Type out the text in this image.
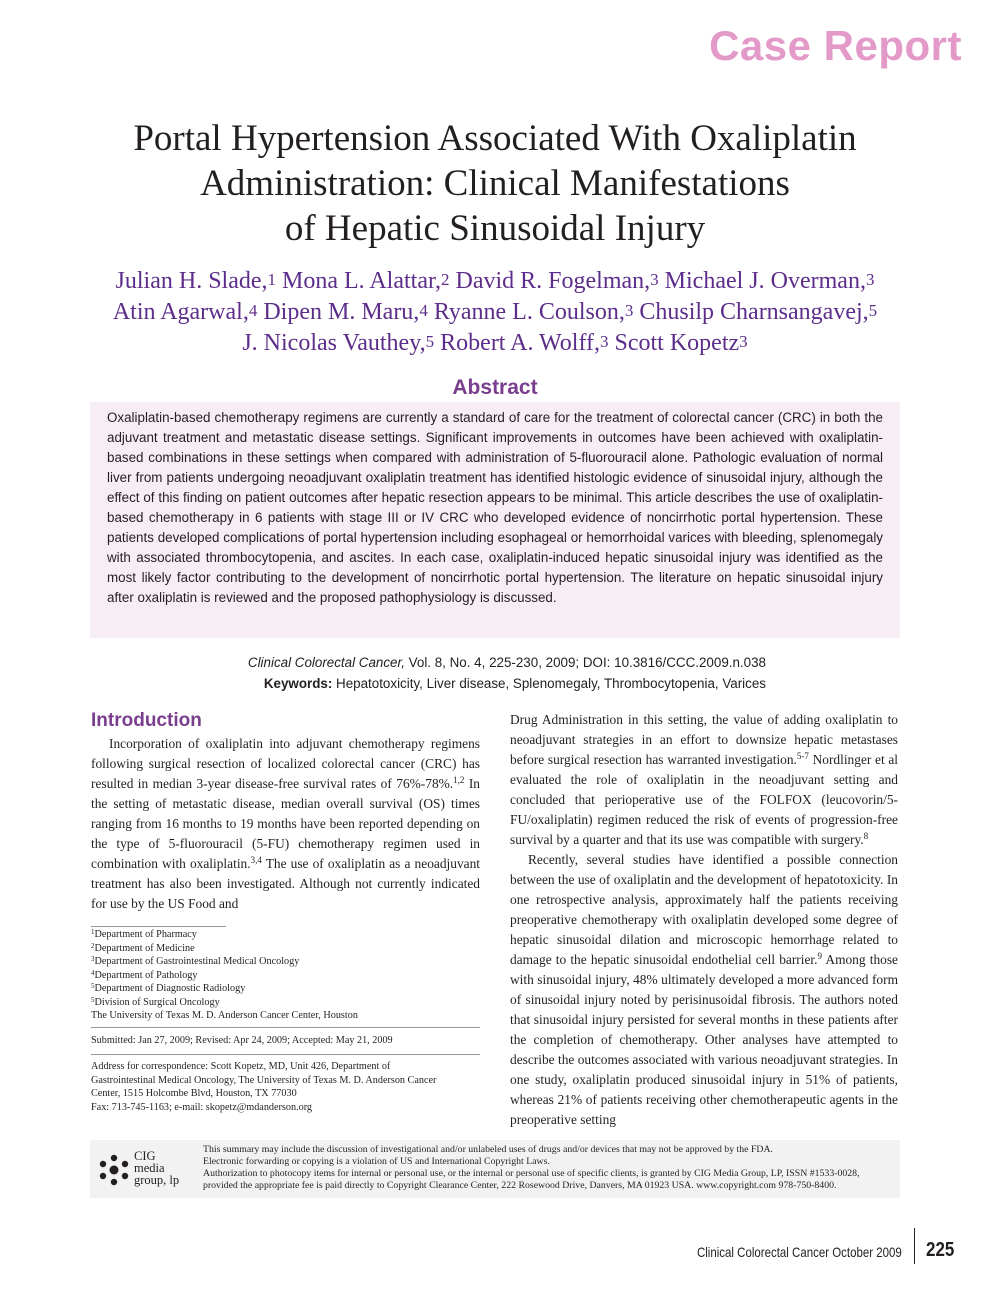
Case Report
Portal Hypertension Associated With Oxaliplatin
Administration: Clinical Manifestations
of Hepatic Sinusoidal Injury
Julian H. Slade,$^1$ Mona L. Alattar,$^2$ David R. Fogelman,$^3$ Michael J. Overman,$^3$
Atin Agarwal,$^4$ Dipen M. Maru,$^4$ Ryanne L. Coulson,$^3$ Chusilp Charnsangavej,$^5$
J. Nicolas Vauthey,$^5$ Robert A. Wolff,$^3$ Scott Kopetz$^3$
Abstract
Oxaliplatin-based chemotherapy regimens are currently a standard of care for the treatment of colorectal cancer (CRC) in both the adjuvant treatment and metastatic disease settings. Significant improvements in outcomes have been achieved with oxaliplatin-based combinations in these settings when compared with administration of 5-fluorouracil alone. Pathologic evaluation of normal liver from patients undergoing neoadjuvant oxaliplatin treatment has identified histologic evidence of sinusoidal injury, although the effect of this finding on patient outcomes after hepatic resection appears to be minimal. This article describes the use of oxaliplatin-based chemotherapy in 6 patients with stage III or IV CRC who developed evidence of noncirrhotic portal hypertension. These patients developed complications of portal hypertension including esophageal or hemorrhoidal varices with bleeding, splenomegaly with associated thrombocytopenia, and ascites. In each case, oxaliplatin-induced hepatic sinusoidal injury was identified as the most likely factor contributing to the development of noncirrhotic portal hypertension. The literature on hepatic sinusoidal injury after oxaliplatin is reviewed and the proposed pathophysiology is discussed.
Clinical Colorectal Cancer, Vol. 8, No. 4, 225-230, 2009; DOI: 10.3816/CCC.2009.n.038
Keywords: Hepatotoxicity, Liver disease, Splenomegaly, Thrombocytopenia, Varices
Introduction

Incorporation of oxaliplatin into adjuvant chemotherapy regimens following surgical resection of localized colorectal cancer (CRC) has resulted in median 3-year disease-free survival rates of 76%-78%.$^{1,2}$ In the setting of metastatic disease, median overall survival (OS) times ranging from 16 months to 19 months have been reported depending on the type of 5-fluorouracil (5-FU) chemotherapy regimen used in combination with oxaliplatin.$^{3,4}$ The use of oxaliplatin as a neoadjuvant treatment has also been investigated. Although not currently indicated for use by the US Food and

$^1$Department of Pharmacy
$^2$Department of Medicine
$^3$Department of Gastrointestinal Medical Oncology
$^4$Department of Pathology
$^5$Department of Diagnostic Radiology
$^5$Division of Surgical Oncology
The University of Texas M. D. Anderson Cancer Center, Houston
Submitted: Jan 27, 2009; Revised: Apr 24, 2009; Accepted: May 21, 2009
Address for correspondence: Scott Kopetz, MD, Unit 426, Department of
Gastrointestinal Medical Oncology, The University of Texas M. D. Anderson Cancer
Center, 1515 Holcombe Blvd, Houston, TX 77030
Fax: 713-745-1163; e-mail: skopetz@mdanderson.org

Drug Administration in this setting, the value of adding oxaliplatin to neoadjuvant strategies in an effort to downsize hepatic metastases before surgical resection has warranted investigation.$^{5-7}$ Nordlinger et al evaluated the role of oxaliplatin in the neoadjuvant setting and concluded that perioperative use of the FOLFOX (leucovorin/5-FU/oxaliplatin) regimen reduced the risk of events of progression-free survival by a quarter and that its use was compatible with surgery.$^8$

Recently, several studies have identified a possible connection between the use of oxaliplatin and the development of hepatotoxicity. In one retrospective analysis, approximately half the patients receiving preoperative chemotherapy with oxaliplatin developed some degree of hepatic sinusoidal dilation and microscopic hemorrhage related to damage to the hepatic sinusoidal endothelial cell barrier.$^9$ Among those with sinusoidal injury, 48% ultimately developed a more advanced form of sinusoidal injury noted by perisinusoidal fibrosis. The authors noted that sinusoidal injury persisted for several months in these patients after the completion of chemotherapy. Other analyses have attempted to describe the outcomes associated with various neoadjuvant strategies. In one study, oxaliplatin produced sinusoidal injury in 51% of patients, whereas 21% of patients receiving other chemotherapeutic agents in the preoperative setting

CIG
media
group, lp
This summary may include the discussion of investigational and/or unlabeled uses of drugs and/or devices that may not be approved by the FDA.
Electronic forwarding or copying is a violation of US and International Copyright Laws.
Authorization to photocopy items for internal or personal use, or the internal or personal use of specific clients, is granted by CIG Media Group, LP, ISSN #1533-0028,
provided the appropriate fee is paid directly to Copyright Clearance Center, 222 Rosewood Drive, Danvers, MA 01923 USA. www.copyright.com 978-750-8400.
Clinical Colorectal Cancer October 2009 225
